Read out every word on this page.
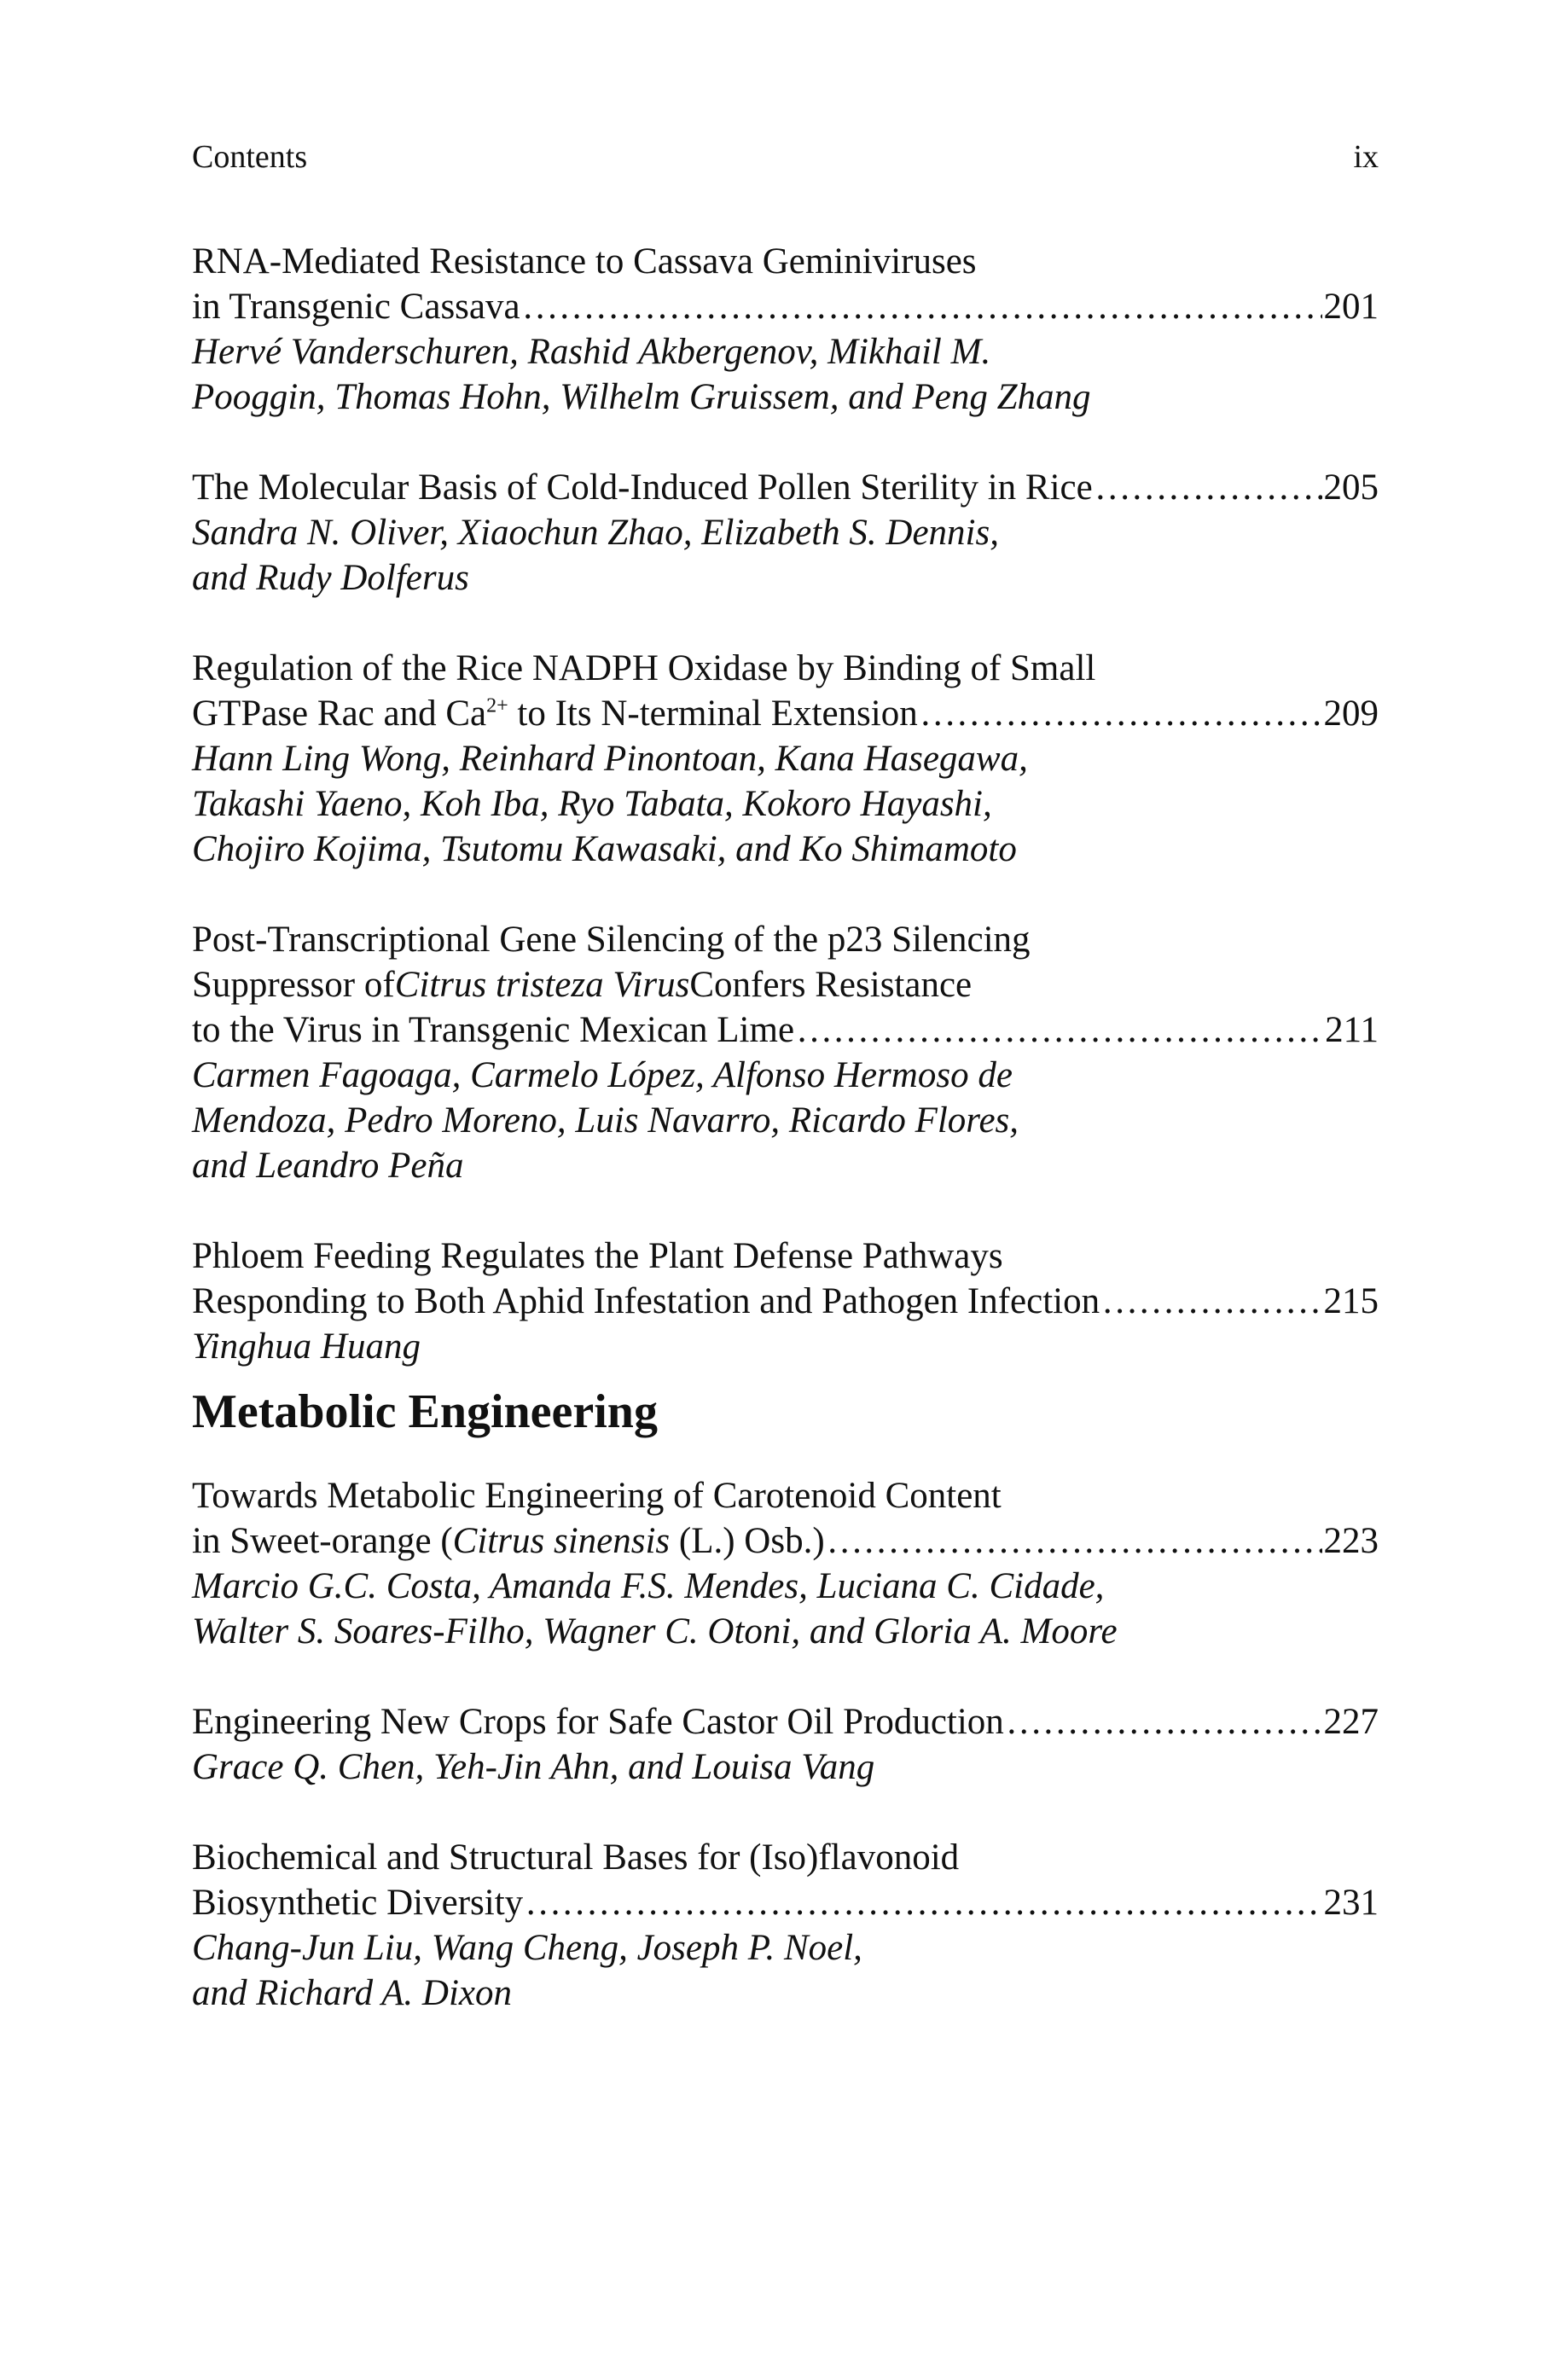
Contents	ix
RNA-Mediated Resistance to Cassava Geminiviruses
in Transgenic Cassava …………………………………………………………………………………………………………………………………………	201
Hervé Vanderschuren, Rashid Akbergenov, Mikhail M.
Pooggin, Thomas Hohn, Wilhelm Gruissem, and Peng Zhang
The Molecular Basis of Cold-Induced Pollen Sterility in Rice …………………………………………………………………………………………………………………………………………	205
Sandra N. Oliver, Xiaochun Zhao, Elizabeth S. Dennis,
and Rudy Dolferus
Regulation of the Rice NADPH Oxidase by Binding of Small
GTPase Rac and $Ca^{2+}$ to Its N-terminal Extension …………………………………………………………………………………………………………………………………………	209
Hann Ling Wong, Reinhard Pinontoan, Kana Hasegawa,
Takashi Yaeno, Koh Iba, Ryo Tabata, Kokoro Hayashi,
Chojiro Kojima, Tsutomu Kawasaki, and Ko Shimamoto
Post-Transcriptional Gene Silencing of the p23 Silencing
Suppressor of Citrus tristeza Virus Confers Resistance
to the Virus in Transgenic Mexican Lime …………………………………………………………………………………………………………………………………………	211
Carmen Fagoaga, Carmelo López, Alfonso Hermoso de
Mendoza, Pedro Moreno, Luis Navarro, Ricardo Flores,
and Leandro Peña
Phloem Feeding Regulates the Plant Defense Pathways
Responding to Both Aphid Infestation and Pathogen Infection …………………………………………………………………………………………………………………………………………	215
Yinghua Huang
Metabolic Engineering
Towards Metabolic Engineering of Carotenoid Content
in Sweet-orange (Citrus sinensis (L.) Osb.) …………………………………………………………………………………………………………………………………………	223
Marcio G.C. Costa, Amanda F.S. Mendes, Luciana C. Cidade,
Walter S. Soares-Filho, Wagner C. Otoni, and Gloria A. Moore
Engineering New Crops for Safe Castor Oil Production …………………………………………………………………………………………………………………………………………	227
Grace Q. Chen, Yeh-Jin Ahn, and Louisa Vang
Biochemical and Structural Bases for (Iso)flavonoid
Biosynthetic Diversity …………………………………………………………………………………………………………………………………………	231
Chang-Jun Liu, Wang Cheng, Joseph P. Noel,
and Richard A. Dixon
